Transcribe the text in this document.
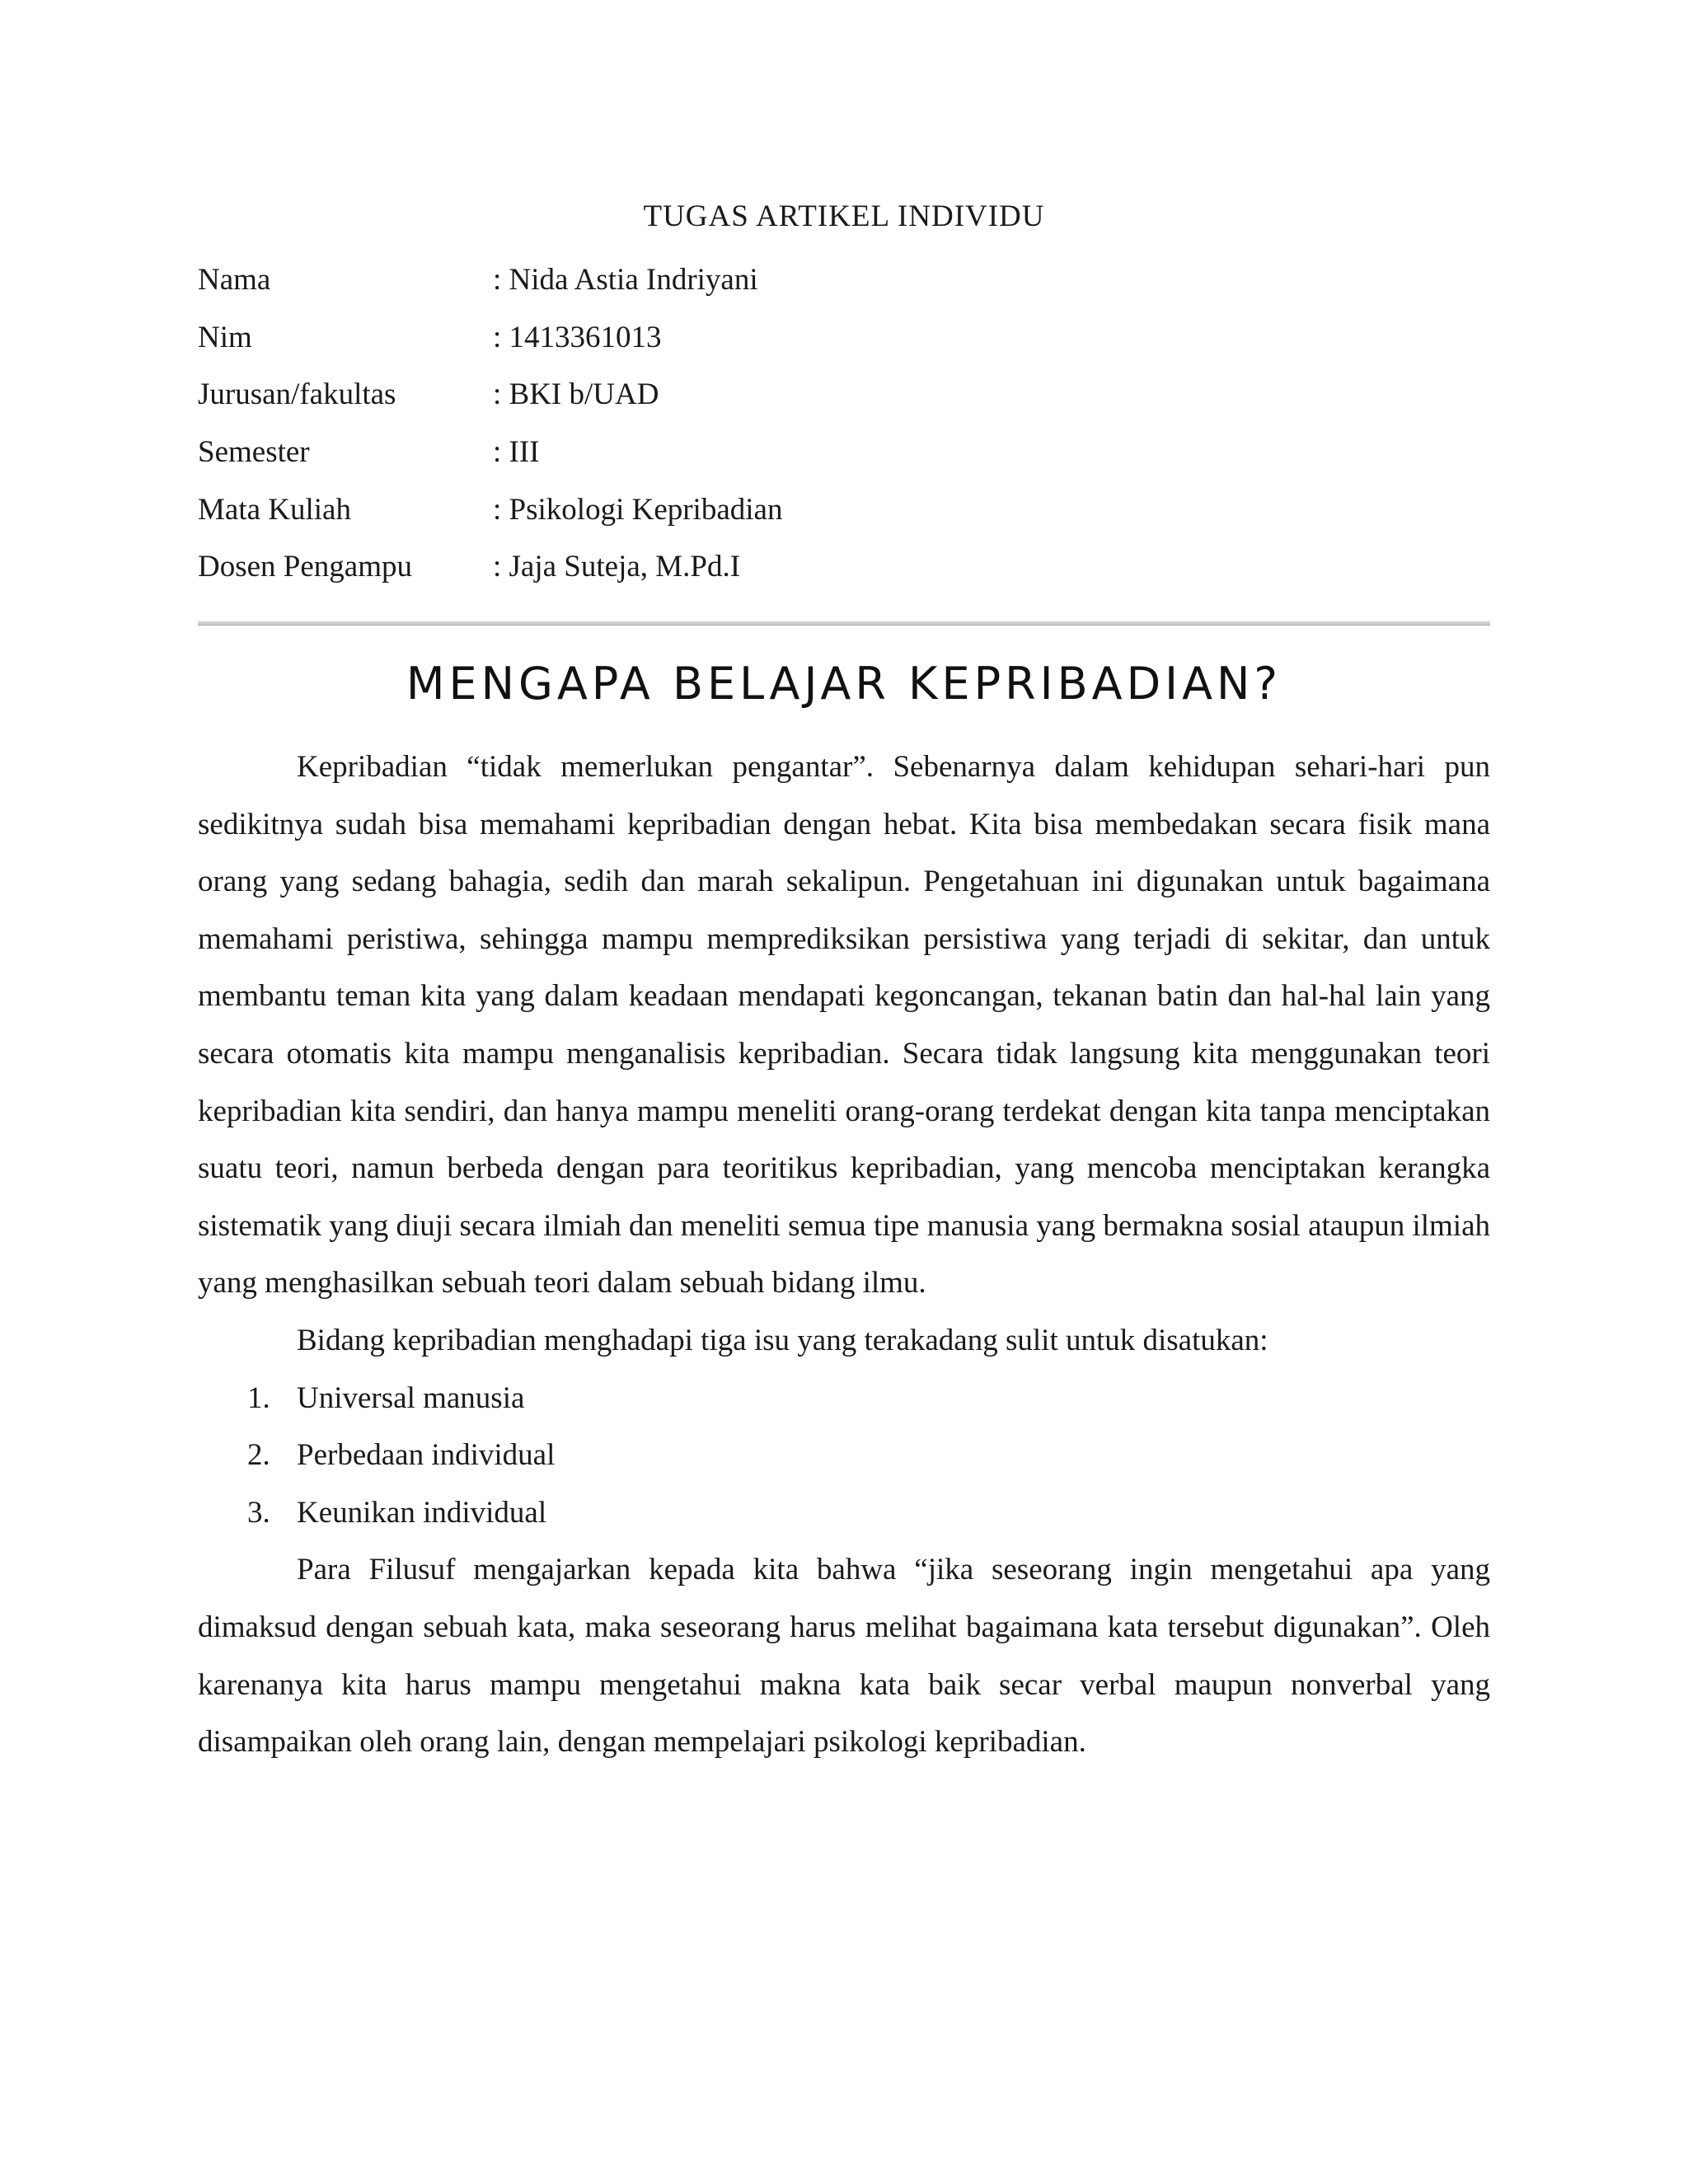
TUGAS ARTIKEL INDIVIDU
Nama	: Nida Astia Indriyani
Nim	: 1413361013
Jurusan/fakultas	: BKI b/UAD
Semester	: III
Mata Kuliah	: Psikologi Kepribadian
Dosen Pengampu	: Jaja Suteja, M.Pd.I
MENGAPA BELAJAR KEPRIBADIAN?

Kepribadian “tidak memerlukan pengantar”. Sebenarnya dalam kehidupan sehari-hari pun sedikitnya sudah bisa memahami kepribadian dengan hebat. Kita bisa membedakan secara fisik mana orang yang sedang bahagia, sedih dan marah sekalipun. Pengetahuan ini digunakan untuk bagaimana memahami peristiwa, sehingga mampu memprediksikan persistiwa yang terjadi di sekitar, dan untuk membantu teman kita yang dalam keadaan mendapati kegoncangan, tekanan batin dan hal-hal lain yang secara otomatis kita mampu menganalisis kepribadian. Secara tidak langsung kita menggunakan teori kepribadian kita sendiri, dan hanya mampu meneliti orang-orang terdekat dengan kita tanpa menciptakan suatu teori, namun berbeda dengan para teoritikus kepribadian, yang mencoba menciptakan kerangka sistematik yang diuji secara ilmiah dan meneliti semua tipe manusia yang bermakna sosial ataupun ilmiah yang menghasilkan sebuah teori dalam sebuah bidang ilmu.

Bidang kepribadian menghadapi tiga isu yang terakadang sulit untuk disatukan:

1. Universal manusia
2. Perbedaan individual
3. Keunikan individual

Para Filusuf mengajarkan kepada kita bahwa “jika seseorang ingin mengetahui apa yang dimaksud dengan sebuah kata, maka seseorang harus melihat bagaimana kata tersebut digunakan”. Oleh karenanya kita harus mampu mengetahui makna kata baik secar verbal maupun nonverbal yang disampaikan oleh orang lain, dengan mempelajari psikologi kepribadian.
